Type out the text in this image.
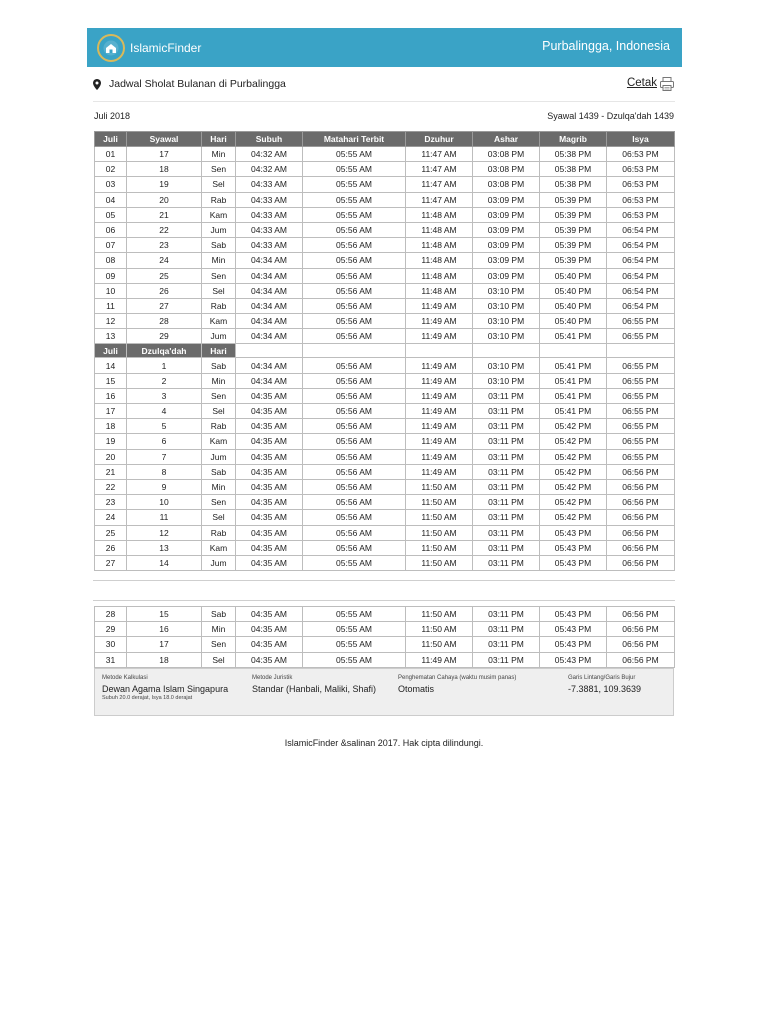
IslamicFinder	Purbalingga, Indonesia
Jadwal Sholat Bulanan di Purbalingga	Cetak
Juli 2018	Syawal 1439 - Dzulqa'dah 1439
Juli	Syawal	Hari	Subuh	Matahari Terbit	Dzuhur	Ashar	Magrib	Isya
01	17	Min	04:32 AM	05:55 AM	11:47 AM	03:08 PM	05:38 PM	06:53 PM
02	18	Sen	04:32 AM	05:55 AM	11:47 AM	03:08 PM	05:38 PM	06:53 PM
03	19	Sel	04:33 AM	05:55 AM	11:47 AM	03:08 PM	05:38 PM	06:53 PM
04	20	Rab	04:33 AM	05:55 AM	11:47 AM	03:09 PM	05:39 PM	06:53 PM
05	21	Kam	04:33 AM	05:55 AM	11:48 AM	03:09 PM	05:39 PM	06:53 PM
06	22	Jum	04:33 AM	05:56 AM	11:48 AM	03:09 PM	05:39 PM	06:54 PM
07	23	Sab	04:33 AM	05:56 AM	11:48 AM	03:09 PM	05:39 PM	06:54 PM
08	24	Min	04:34 AM	05:56 AM	11:48 AM	03:09 PM	05:39 PM	06:54 PM
09	25	Sen	04:34 AM	05:56 AM	11:48 AM	03:09 PM	05:40 PM	06:54 PM
10	26	Sel	04:34 AM	05:56 AM	11:48 AM	03:10 PM	05:40 PM	06:54 PM
11	27	Rab	04:34 AM	05:56 AM	11:49 AM	03:10 PM	05:40 PM	06:54 PM
12	28	Kam	04:34 AM	05:56 AM	11:49 AM	03:10 PM	05:40 PM	06:55 PM
13	29	Jum	04:34 AM	05:56 AM	11:49 AM	03:10 PM	05:41 PM	06:55 PM
Juli	Dzulqa'dah	Hari						
14	1	Sab	04:34 AM	05:56 AM	11:49 AM	03:10 PM	05:41 PM	06:55 PM
15	2	Min	04:34 AM	05:56 AM	11:49 AM	03:10 PM	05:41 PM	06:55 PM
16	3	Sen	04:35 AM	05:56 AM	11:49 AM	03:11 PM	05:41 PM	06:55 PM
17	4	Sel	04:35 AM	05:56 AM	11:49 AM	03:11 PM	05:41 PM	06:55 PM
18	5	Rab	04:35 AM	05:56 AM	11:49 AM	03:11 PM	05:42 PM	06:55 PM
19	6	Kam	04:35 AM	05:56 AM	11:49 AM	03:11 PM	05:42 PM	06:55 PM
20	7	Jum	04:35 AM	05:56 AM	11:49 AM	03:11 PM	05:42 PM	06:55 PM
21	8	Sab	04:35 AM	05:56 AM	11:49 AM	03:11 PM	05:42 PM	06:56 PM
22	9	Min	04:35 AM	05:56 AM	11:50 AM	03:11 PM	05:42 PM	06:56 PM
23	10	Sen	04:35 AM	05:56 AM	11:50 AM	03:11 PM	05:42 PM	06:56 PM
24	11	Sel	04:35 AM	05:56 AM	11:50 AM	03:11 PM	05:42 PM	06:56 PM
25	12	Rab	04:35 AM	05:56 AM	11:50 AM	03:11 PM	05:43 PM	06:56 PM
26	13	Kam	04:35 AM	05:56 AM	11:50 AM	03:11 PM	05:43 PM	06:56 PM
27	14	Jum	04:35 AM	05:55 AM	11:50 AM	03:11 PM	05:43 PM	06:56 PM
28	15	Sab	04:35 AM	05:55 AM	11:50 AM	03:11 PM	05:43 PM	06:56 PM
29	16	Min	04:35 AM	05:55 AM	11:50 AM	03:11 PM	05:43 PM	06:56 PM
30	17	Sen	04:35 AM	05:55 AM	11:50 AM	03:11 PM	05:43 PM	06:56 PM
31	18	Sel	04:35 AM	05:55 AM	11:49 AM	03:11 PM	05:43 PM	06:56 PM
Metode Kalkulasi
Dewan Agama Islam Singapura
Subuh 20.0 derajat, Isya 18.0 derajat
Metode Juristik
Standar (Hanbali, Maliki, Shafi)
Penghematan Cahaya (waktu musim panas)
Otomatis
Garis Lintang/Garis Bujur
-7.3881, 109.3639
IslamicFinder &salinan 2017. Hak cipta dilindungi.
